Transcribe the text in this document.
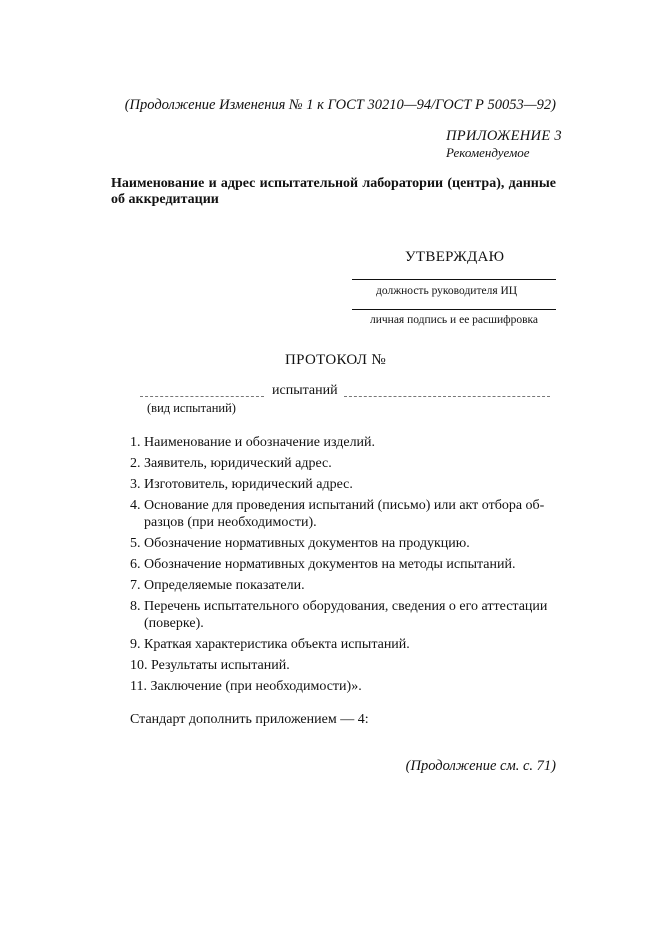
(Продолжение Изменения № 1 к ГОСТ 30210—94/ГОСТ Р 50053—92)
ПРИЛОЖЕНИЕ 3
Рекомендуемое
Наименование и адрес испытательной лаборатории (центра), данные об аккредитации
УТВЕРЖДАЮ
должность руководителя ИЦ
личная подпись и ее расшифровка
ПРОТОКОЛ №
испытаний
(вид испытаний)
1. Наименование и обозначение изделий.
2. Заявитель, юридический адрес.
3. Изготовитель, юридический адрес.
4. Основание для проведения испытаний (письмо) или акт отбора об-
разцов (при необходимости).
5. Обозначение нормативных документов на продукцию.
6. Обозначение нормативных документов на методы испытаний.
7. Определяемые показатели.
8. Перечень испытательного оборудования, сведения о его аттестации
(поверке).
9. Краткая характеристика объекта испытаний.
10. Результаты испытаний.
11. Заключение (при необходимости)».
Стандарт дополнить приложением — 4:
(Продолжение см. с. 71)
